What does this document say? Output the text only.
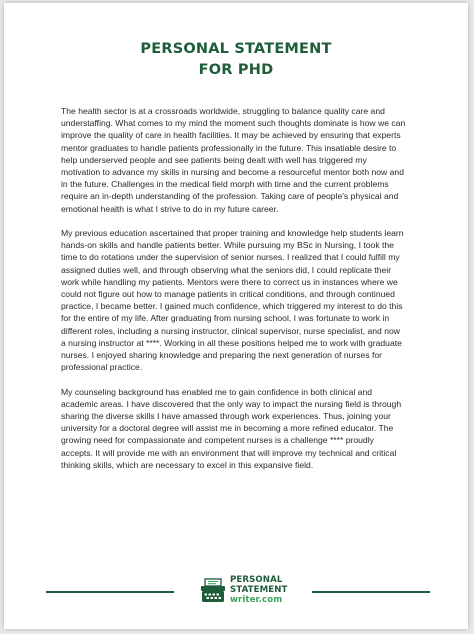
PERSONAL STATEMENT
FOR PHD

The health sector is at a crossroads worldwide, struggling to balance quality care and understaffing. What comes to my mind the moment such thoughts dominate is how we can improve the quality of care in health facilities. It may be achieved by ensuring that experts mentor graduates to handle patients professionally in the future. This insatiable desire to help underserved people and see patients being dealt with well has triggered my motivation to advance my skills in nursing and become a resourceful mentor both now and in the future. Challenges in the medical field morph with time and the current problems require an in-depth understanding of the profession. Taking care of people's physical and emotional health is what I strive to do in my future career.

My previous education ascertained that proper training and knowledge help students learn hands-on skills and handle patients better. While pursuing my BSc in Nursing, I took the time to do rotations under the supervision of senior nurses. I realized that I could fulfill my assigned duties well, and through observing what the seniors did, I could replicate their work while handling my patients. Mentors were there to correct us in instances where we could not figure out how to manage patients in critical conditions, and through continued practice, I became better. I gained much confidence, which triggered my interest to do this for the entire of my life. After graduating from nursing school, I was fortunate to work in different roles, including a nursing instructor, clinical supervisor, nurse specialist, and now a nursing instructor at ****. Working in all these positions helped me to work with graduate nurses. I enjoyed sharing knowledge and preparing the next generation of nurses for professional practice.

My counseling background has enabled me to gain confidence in both clinical and academic areas. I have discovered that the only way to impact the nursing field is through sharing the diverse skills I have amassed through work experiences. Thus, joining your university for a doctoral degree will assist me in becoming a more refined educator. The growing need for compassionate and competent nurses is a challenge **** proudly accepts. It will provide me with an environment that will improve my technical and critical thinking skills, which are necessary to excel in this expansive field.

PERSONAL
STATEMENT
writer.com
